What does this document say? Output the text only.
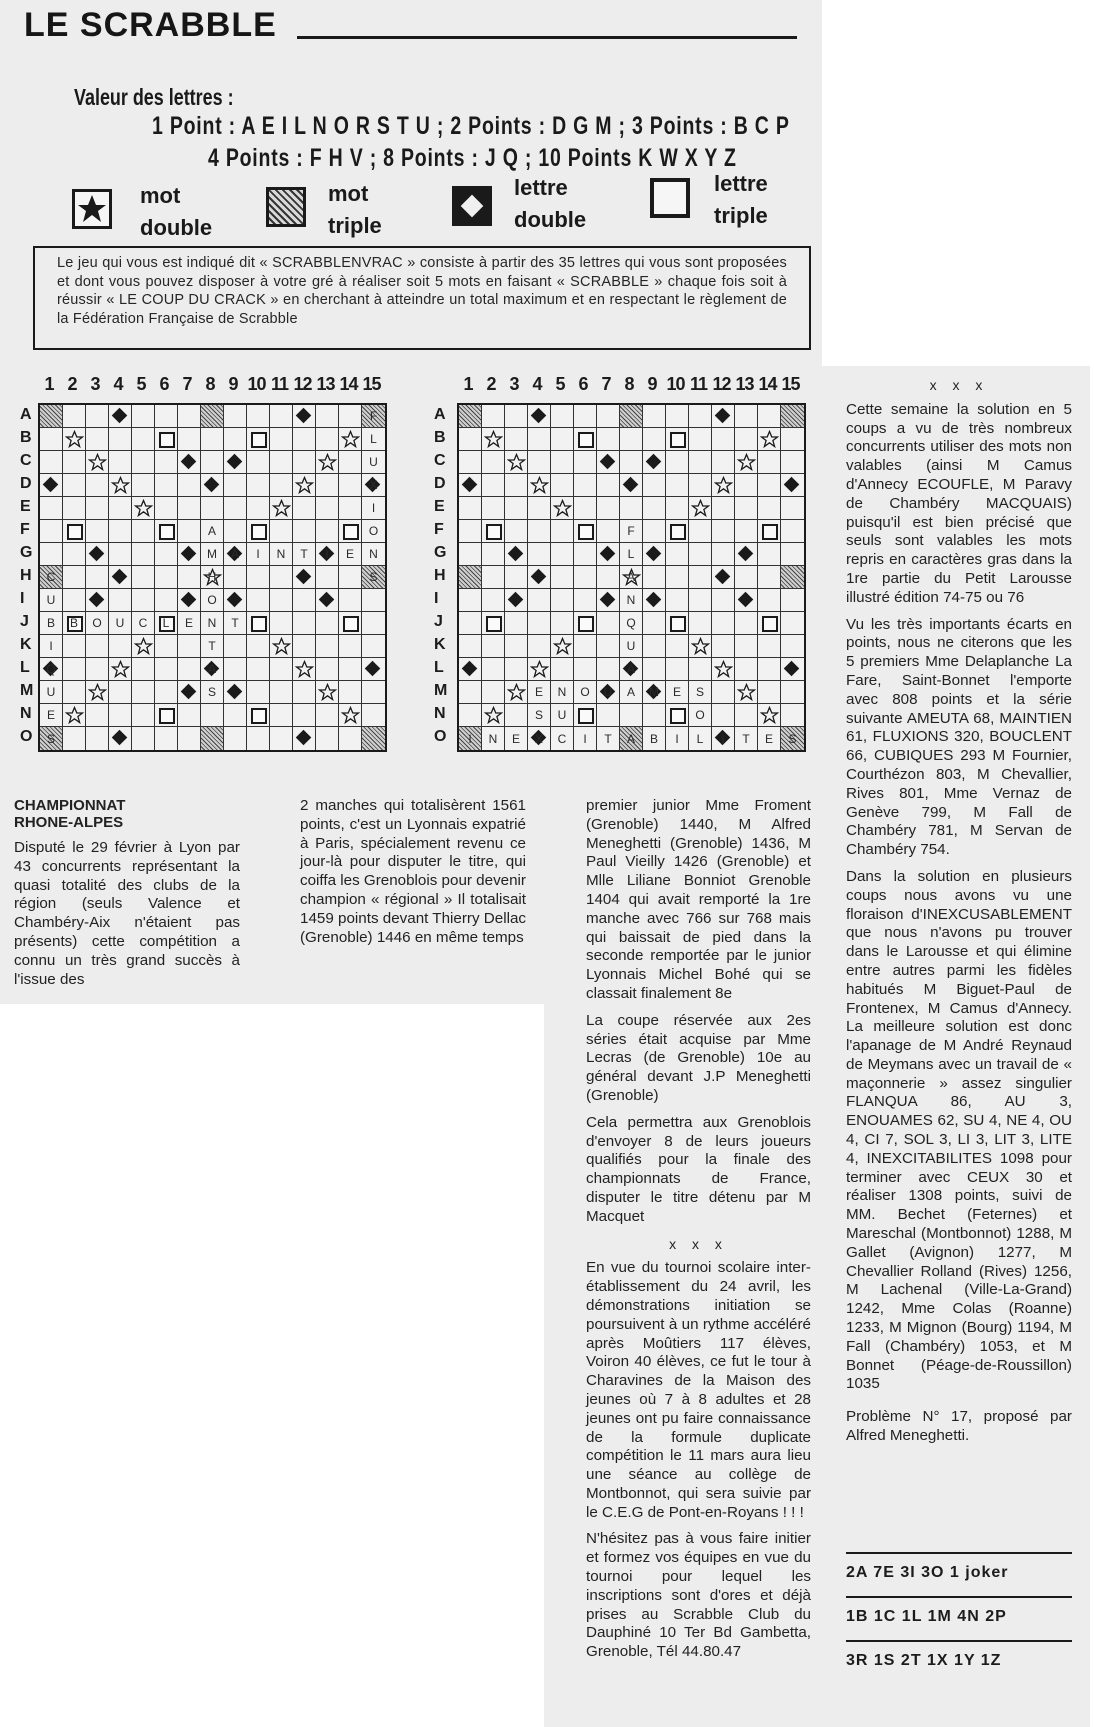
LE SCRABBLE
Valeur des lettres :
1 Point : A E I L N O R S T U ; 2 Points : D G M ; 3 Points : B C P
4 Points : F H V ; 8 Points : J Q ; 10 Points K W X Y Z
mot
double
mot
triple
lettre
double
lettre
triple
Le jeu qui vous est indiqué dit « SCRABBLENVRAC » consiste à partir des 35 lettres qui vous sont proposées et dont vous pouvez disposer à votre gré à réaliser soit 5 mots en faisant « SCRABBLE » chaque fois soit à réussir « LE COUP DU CRACK » en cherchant à atteindre un total maximum et en respectant le règlement de la Fédération Française de Scrabble
1 2 3 4 5 6 7 8 9 10 11 12 13 14 15
A
B
C
D
E
F
G
H
I
J
K
L
M
N
O
F
L
U
X
I
A	O
M A I N T I E N
C	H	S
U	O
B B O U C L E N T
I	T
Q	A
U	S
E
S
1 2 3 4 5 6 7 8 9 10 11 12 13 14 15
A
B
C
D
E
F
G
H
I
J
K
L
M
N
O
F
L
A
N
Q
U
A
E N O U A M E S
S U	O
I N E X C I T A B I L I T E S
CHAMPIONNAT RHONE-ALPES

Disputé le 29 février à Lyon par 43 concurrents représentant la quasi totalité des clubs de la région (seuls Valence et Chambéry-Aix n'étaient pas présents) cette compétition a connu un très grand succès à l'issue des

2 manches qui totalisèrent 1561 points, c'est un Lyonnais expatrié à Paris, spécialement revenu ce jour-là pour disputer le titre, qui coiffa les Grenoblois pour devenir champion « régional » Il totalisait 1459 points devant Thierry Dellac (Grenoble) 1446 en même temps

premier junior Mme Froment (Grenoble) 1440, M Alfred Meneghetti (Grenoble) 1436, M Paul Vieilly 1426 (Grenoble) et Mlle Liliane Bonniot Grenoble 1404 qui avait remporté la 1re manche avec 766 sur 768 mais qui baissait de pied dans la seconde remportée par le junior Lyonnais Michel Bohé qui se classait finalement 8e

La coupe réservée aux 2es séries était acquise par Mme Lecras (de Grenoble) 10e au général devant J.P Meneghetti (Grenoble)

Cela permettra aux Grenoblois d'envoyer 8 de leurs joueurs qualifiés pour la finale des championnats de France, disputer le titre détenu par M Macquet

x x x

En vue du tournoi scolaire inter-établissement du 24 avril, les démonstrations initiation se poursuivent à un rythme accéléré après Moûtiers 117 élèves, Voiron 40 élèves, ce fut le tour à Charavines de la Maison des jeunes où 7 à 8 adultes et 28 jeunes ont pu faire connaissance de la formule duplicate compétition le 11 mars aura lieu une séance au collège de Montbonnot, qui sera suivie par le C.E.G de Pont-en-Royans ! ! !

N'hésitez pas à vous faire initier et formez vos équipes en vue du tournoi pour lequel les inscriptions sont d'ores et déjà prises au Scrabble Club du Dauphiné 10 Ter Bd Gambetta, Grenoble, Tél 44.80.47

x x x

Cette semaine la solution en 5 coups a vu de très nombreux concurrents utiliser des mots non valables (ainsi M Camus d'Annecy ECOUFLE, M Paravy de Chambéry MACQUAIS) puisqu'il est bien précisé que seuls sont valables les mots repris en caractères gras dans la 1re partie du Petit Larousse illustré édition 74-75 ou 76

Vu les très importants écarts en points, nous ne citerons que les 5 premiers Mme Delaplanche La Fare, Saint-Bonnet l'emporte avec 808 points et la série suivante AMEUTA 68, MAINTIEN 61, FLUXIONS 320, BOUCLENT 66, CUBIQUES 293 M Fournier, Courthézon 803, M Chevallier, Rives 801, Mme Vernaz de Genève 799, M Fall de Chambéry 781, M Servan de Chambéry 754.

Dans la solution en plusieurs coups nous avons vu une floraison d'INEXCUSABLEMENT que nous n'avons pu trouver dans le Larousse et qui élimine entre autres parmi les fidèles habitués M Biguet-Paul de Frontenex, M Camus d'Annecy. La meilleure solution est donc l'apanage de M André Reynaud de Meymans avec un travail de « maçonnerie » assez singulier FLANQUA 86, AU 3, ENOUAMES 62, SU 4, NE 4, OU 4, CI 7, SOL 3, LI 3, LIT 3, LITE 4, INEXCITABILITES 1098 pour terminer avec CEUX 30 et réaliser 1308 points, suivi de MM. Bechet (Feternes) et Mareschal (Montbonnot) 1288, M Gallet (Avignon) 1277, M Chevallier Rolland (Rives) 1256, M Lachenal (Ville-La-Grand) 1242, Mme Colas (Roanne) 1233, M Mignon (Bourg) 1194, M Fall (Chambéry) 1053, et M Bonnet (Péage-de-Roussillon) 1035

Problème N° 17, proposé par Alfred Meneghetti.

2A 7E 3I 3O 1 joker
1B 1C 1L 1M 4N 2P
3R 1S 2T 1X 1Y 1Z
